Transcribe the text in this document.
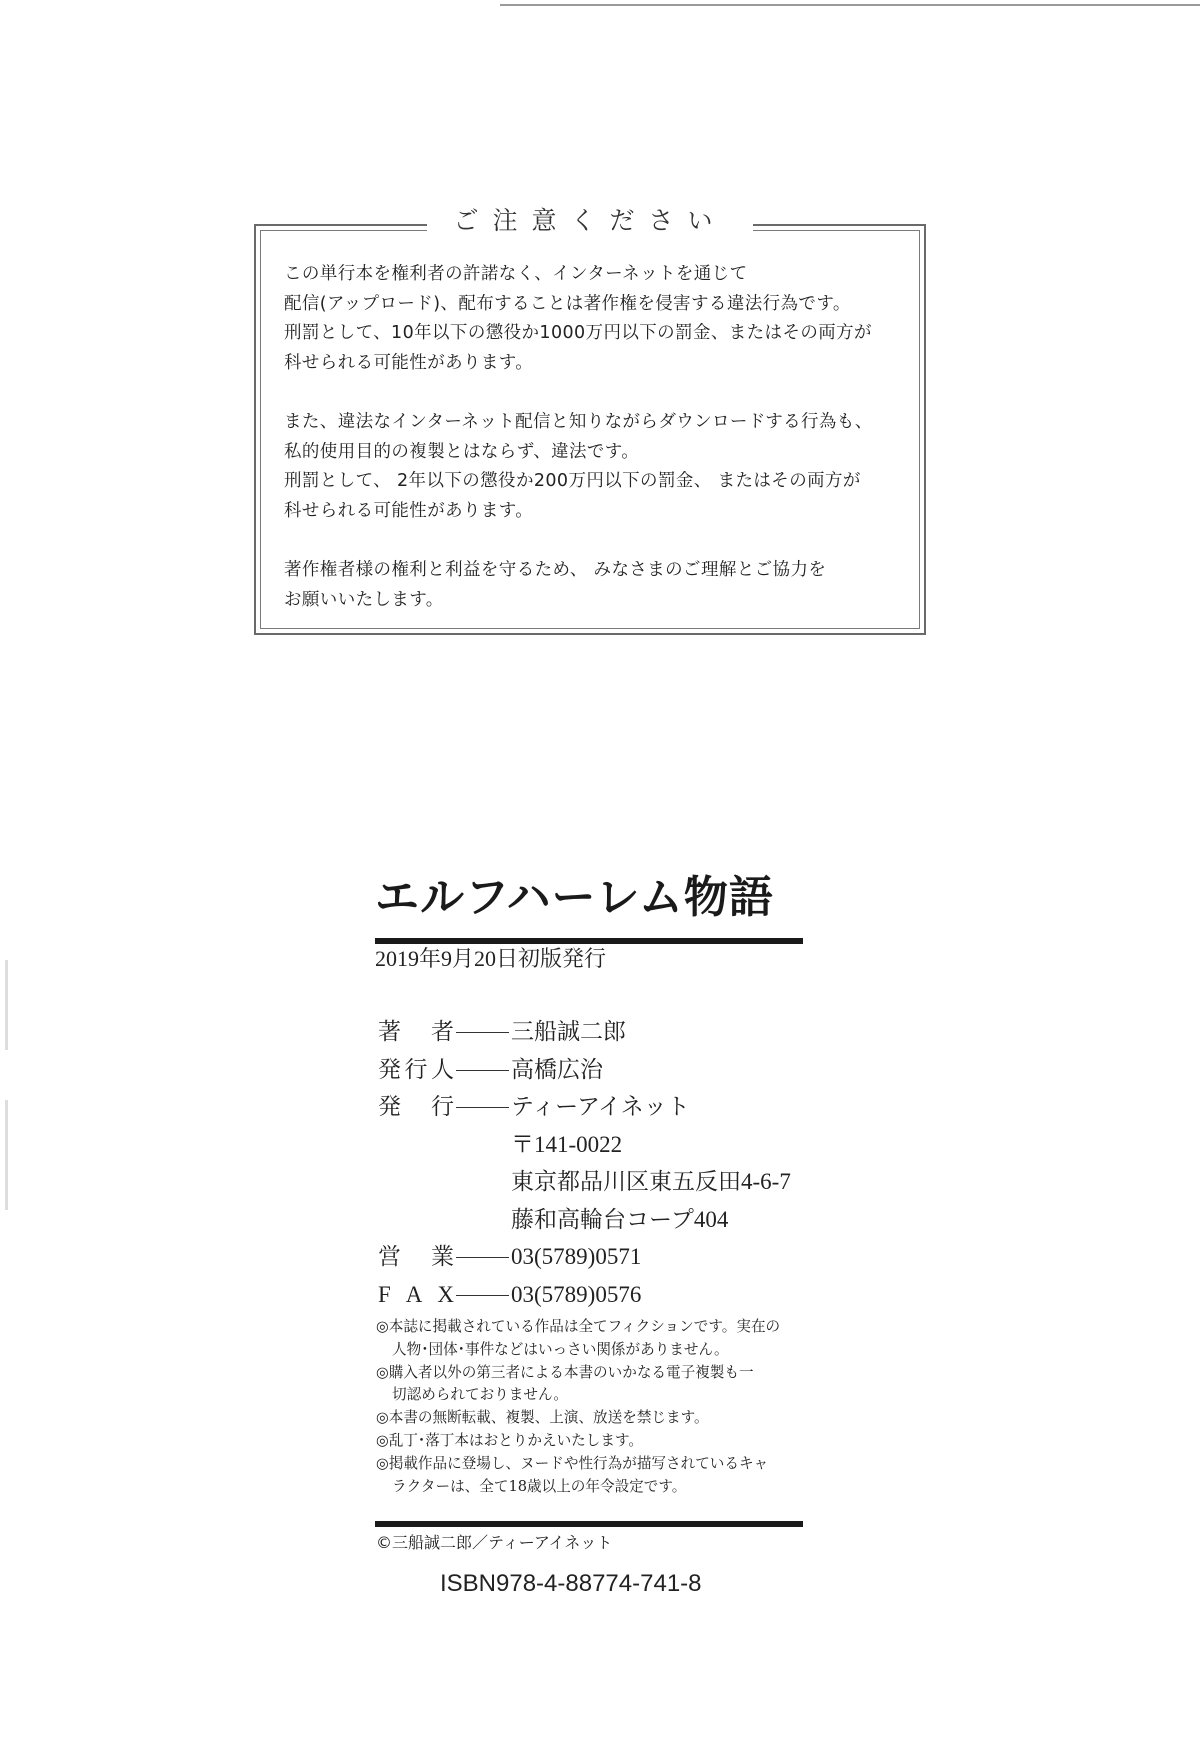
ご注意ください
この単行本を権利者の許諾なく、インターネットを通じて
配信(アップロード)、配布することは著作権を侵害する違法行為です。
刑罰として、10年以下の懲役か1000万円以下の罰金、またはその両方が
科せられる可能性があります。
また、違法なインターネット配信と知りながらダウンロードする行為も、
私的使用目的の複製とはならず、違法です。
刑罰として、 2年以下の懲役か200万円以下の罰金、 またはその両方が
科せられる可能性があります。
著作権者様の権利と利益を守るため、 みなさまのご理解とご協力を
お願いいたします。
エルフハーレム物語
2019年9月20日初版発行
著　者 三船誠二郎
発行人 高橋広治
発　行 ティーアイネット
〒141-0022
東京都品川区東五反田4-6-7
藤和高輪台コープ404
営　業 03(5789)0571
F A X 03(5789)0576
◎本誌に掲載されている作品は全てフィクションです。実在の
人物･団体･事件などはいっさい関係がありません。
◎購入者以外の第三者による本書のいかなる電子複製も一
切認められておりません。
◎本書の無断転載、複製、上演、放送を禁じます。
◎乱丁･落丁本はおとりかえいたします。
◎掲載作品に登場し、ヌードや性行為が描写されているキャ
ラクターは、全て18歳以上の年令設定です。
©三船誠二郎／ティーアイネット
ISBN978-4-88774-741-8
